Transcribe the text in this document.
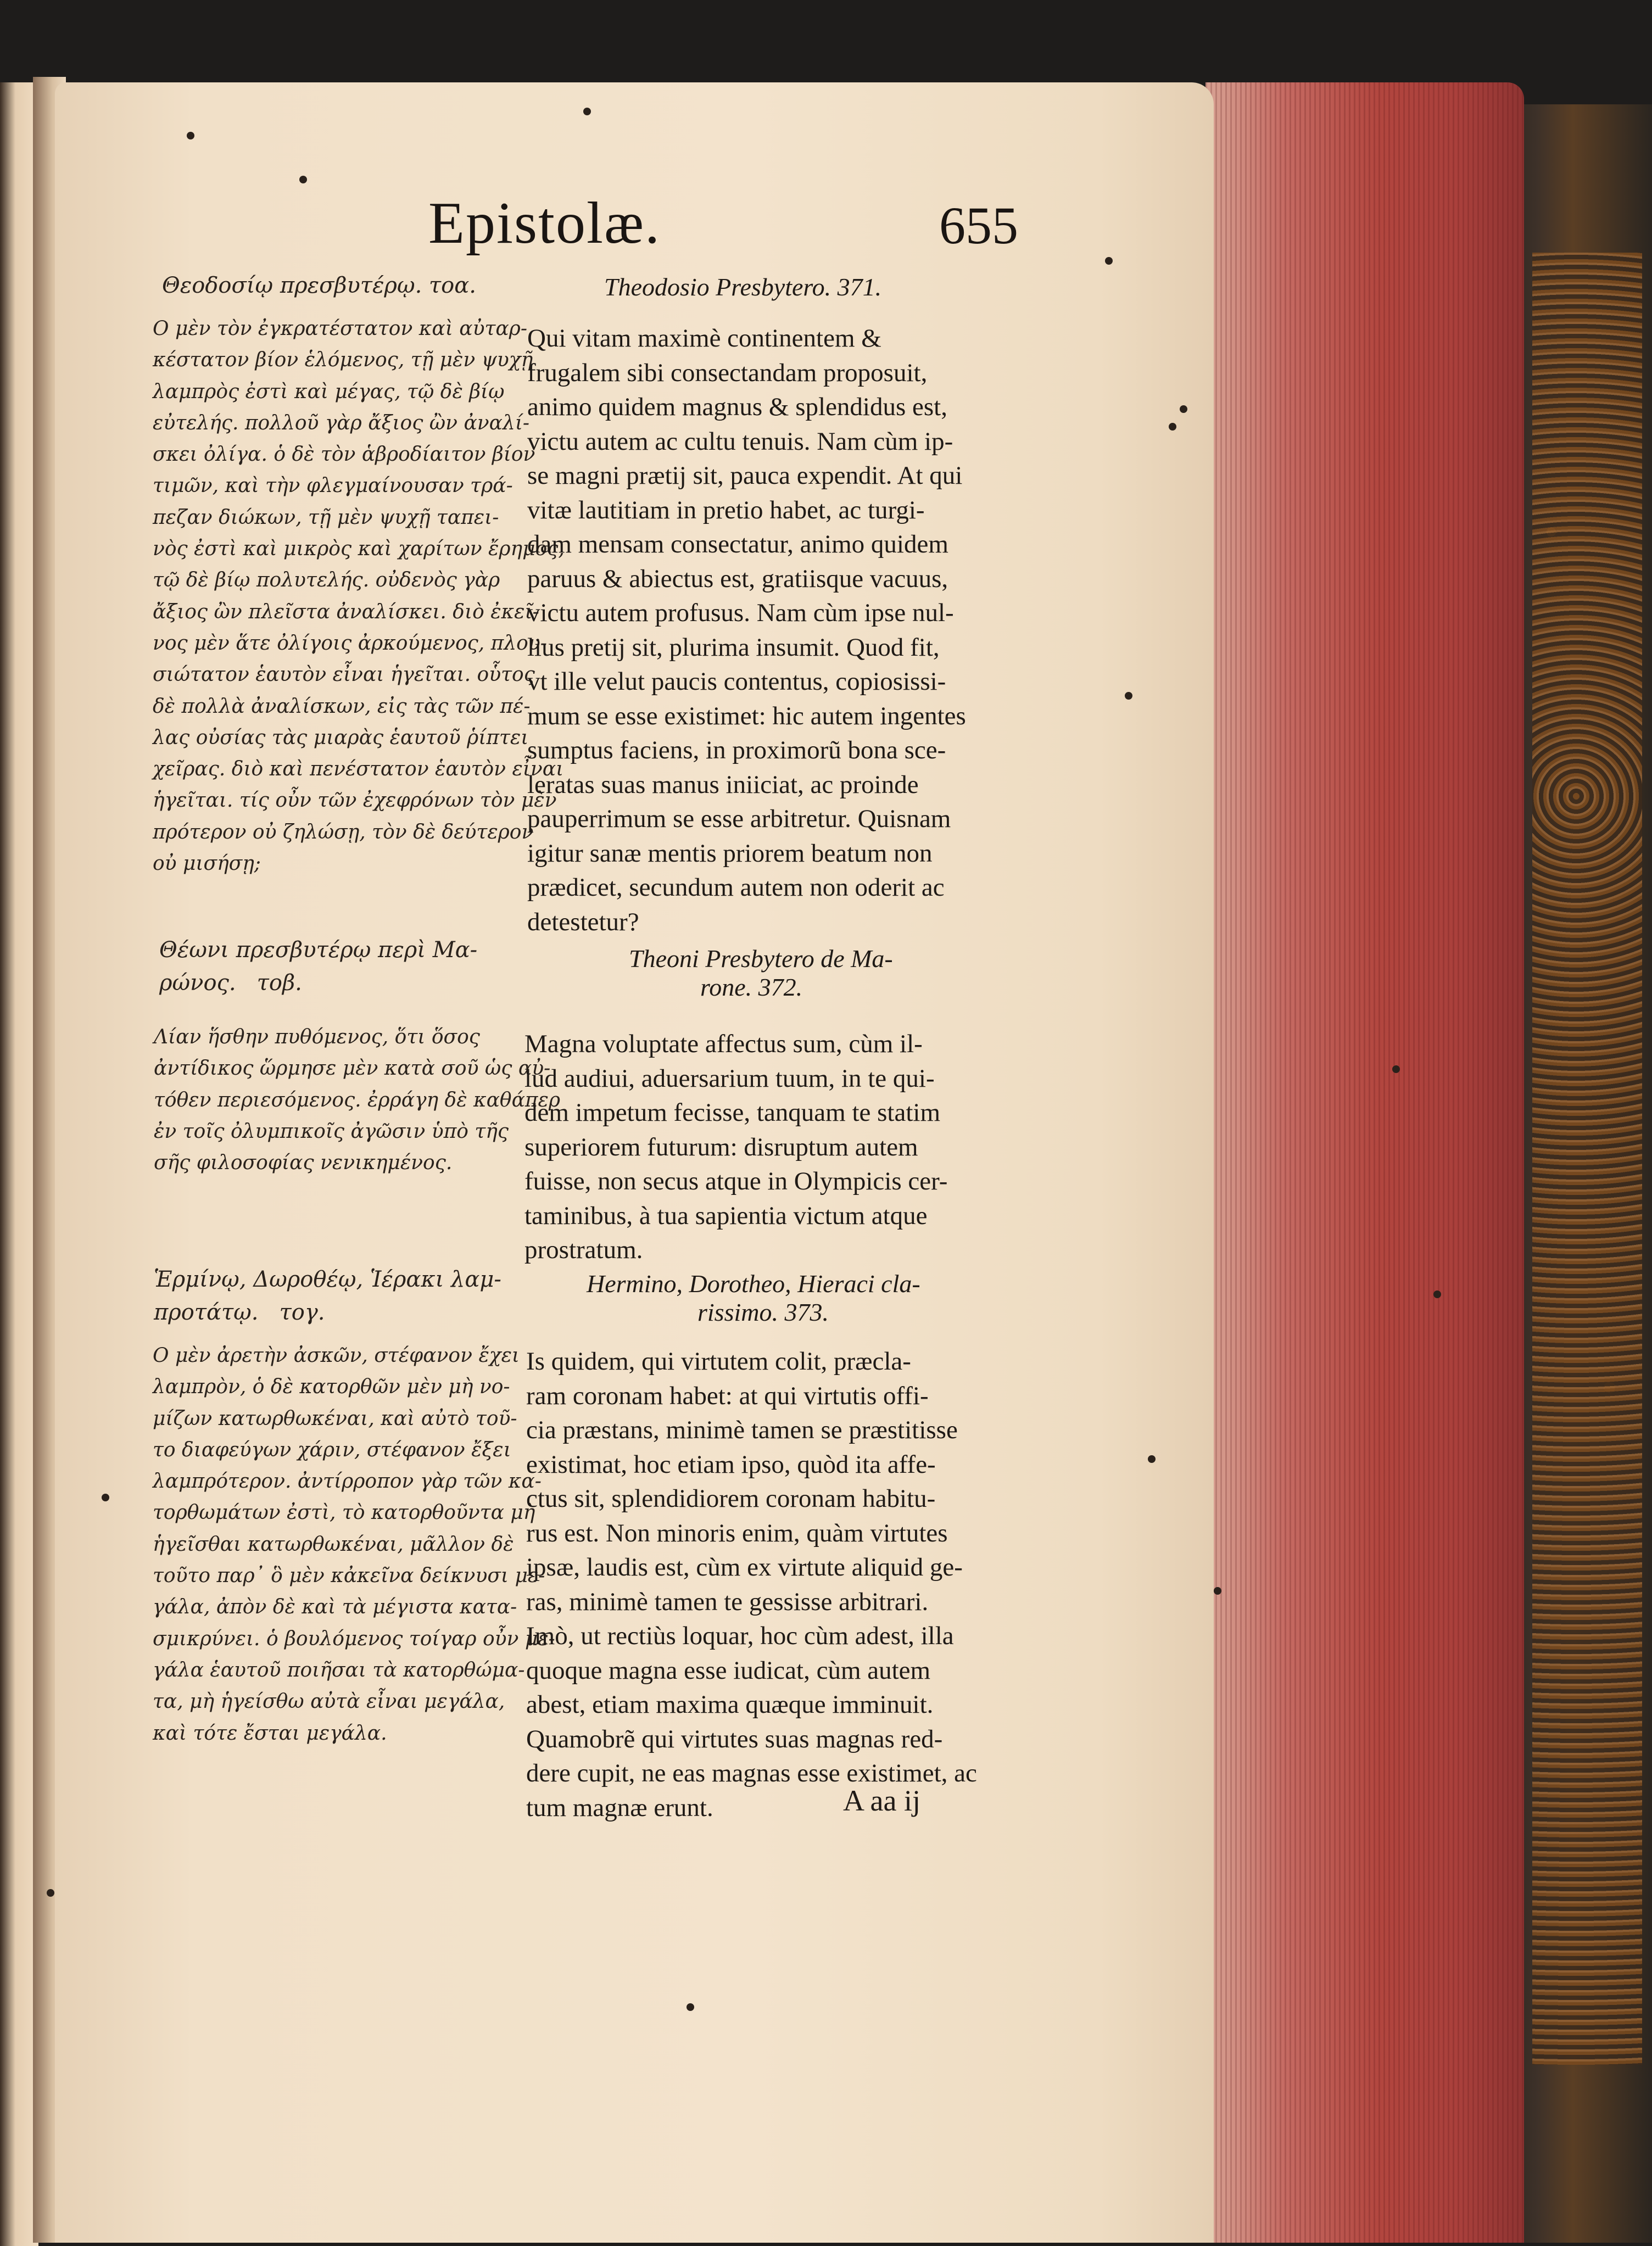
Epistolæ.	655
Θεοδοσίῳ πρεσβυτέρῳ. τοα.
Ο μὲν τὸν ἐγκρατέστατον καὶ αὐταρ-
κέστατον βίον ἑλόμενος, τῇ μὲν ψυχῇ
λαμπρὸς ἐστὶ καὶ μέγας, τῷ δὲ βίῳ
εὐτελής. πολλοῦ γὰρ ἄξιος ὢν ἀναλί-
σκει ὀλίγα. ὁ δὲ τὸν ἁβροδίαιτον βίον
τιμῶν, καὶ τὴν φλεγμαίνουσαν τρά-
πεζαν διώκων, τῇ μὲν ψυχῇ ταπει-
νὸς ἐστὶ καὶ μικρὸς καὶ χαρίτων ἔρημος,
τῷ δὲ βίῳ πολυτελής. οὐδενὸς γὰρ
ἄξιος ὢν πλεῖστα ἀναλίσκει. διὸ ἐκεῖ-
νος μὲν ἅτε ὀλίγοις ἀρκούμενος, πλου-
σιώτατον ἑαυτὸν εἶναι ἡγεῖται. οὗτος
δὲ πολλὰ ἀναλίσκων, εἰς τὰς τῶν πέ-
λας οὐσίας τὰς μιαρὰς ἑαυτοῦ ῥίπτει
χεῖρας. διὸ καὶ πενέστατον ἑαυτὸν εἶναι
ἡγεῖται. τίς οὖν τῶν ἐχεφρόνων τὸν μὲν
πρότερον οὐ ζηλώσῃ, τὸν δὲ δεύτερον
οὐ μισήσῃ;
Θέωνι πρεσβυτέρῳ περὶ Μα-
ρώνος.   τοβ.
Λίαν ἥσθην πυθόμενος, ὅτι ὅσος
ἀντίδικος ὥρμησε μὲν κατὰ σοῦ ὡς αὐ-
τόθεν περιεσόμενος. ἐρράγη δὲ καθάπερ
ἐν τοῖς ὀλυμπικοῖς ἀγῶσιν ὑπὸ τῆς
σῆς φιλοσοφίας νενικημένος.
Ἑρμίνῳ, Δωροθέῳ, Ἱέρακι λαμ-
προτάτῳ.   τογ.
Ο μὲν ἀρετὴν ἀσκῶν, στέφανον ἔχει
λαμπρὸν, ὁ δὲ κατορθῶν μὲν μὴ νο-
μίζων κατωρθωκέναι, καὶ αὐτὸ τοῦ-
το διαφεύγων χάριν, στέφανον ἔξει
λαμπρότερον. ἀντίρροπον γὰρ τῶν κα-
τορθωμάτων ἐστὶ, τὸ κατορθοῦντα μὴ
ἡγεῖσθαι κατωρθωκέναι, μᾶλλον δὲ
τοῦτο παρ᾽ ὃ μὲν κἀκεῖνα δείκνυσι με-
γάλα, ἀπὸν δὲ καὶ τὰ μέγιστα κατα-
σμικρύνει. ὁ βουλόμενος τοίγαρ οὖν με-
γάλα ἑαυτοῦ ποιῆσαι τὰ κατορθώμα-
τα, μὴ ἡγείσθω αὐτὰ εἶναι μεγάλα,
καὶ τότε ἔσται μεγάλα.
Theodosio Presbytero. 371.
Qui vitam maximè continentem &
frugalem sibi consectandam proposuit,
animo quidem magnus & splendidus est,
victu autem ac cultu tenuis. Nam cùm ip-
se magni prætij sit, pauca expendit. At qui
vitæ lautitiam in pretio habet, ac turgi-
dam mensam consectatur, animo quidem
paruus & abiectus est, gratiisque vacuus,
victu autem profusus. Nam cùm ipse nul-
lius pretij sit, plurima insumit. Quod fit,
vt ille velut paucis contentus, copiosissi-
mum se esse existimet: hic autem ingentes
sumptus faciens, in proximorũ bona sce-
leratas suas manus iniiciat, ac proinde
pauperrimum se esse arbitretur. Quisnam
igitur sanæ mentis priorem beatum non
prædicet, secundum autem non oderit ac
detestetur?
Theoni Presbytero de Ma-
rone. 372.
Magna voluptate affectus sum, cùm il-
lud audiui, aduersarium tuum, in te qui-
dem impetum fecisse, tanquam te statim
superiorem futurum: disruptum autem
fuisse, non secus atque in Olympicis cer-
taminibus, à tua sapientia victum atque
prostratum.
Hermino, Dorotheo, Hieraci cla-
rissimo. 373.
Is quidem, qui virtutem colit, præcla-
ram coronam habet: at qui virtutis offi-
cia præstans, minimè tamen se præstitisse
existimat, hoc etiam ipso, quòd ita affe-
ctus sit, splendidiorem coronam habitu-
rus est. Non minoris enim, quàm virtutes
ipsæ, laudis est, cùm ex virtute aliquid ge-
ras, minimè tamen te gessisse arbitrari.
Imò, ut rectiùs loquar, hoc cùm adest, illa
quoque magna esse iudicat, cùm autem
abest, etiam maxima quæque imminuit.
Quamobrẽ qui virtutes suas magnas red-
dere cupit, ne eas magnas esse existimet, ac
tum magnæ erunt.	A aa ij
